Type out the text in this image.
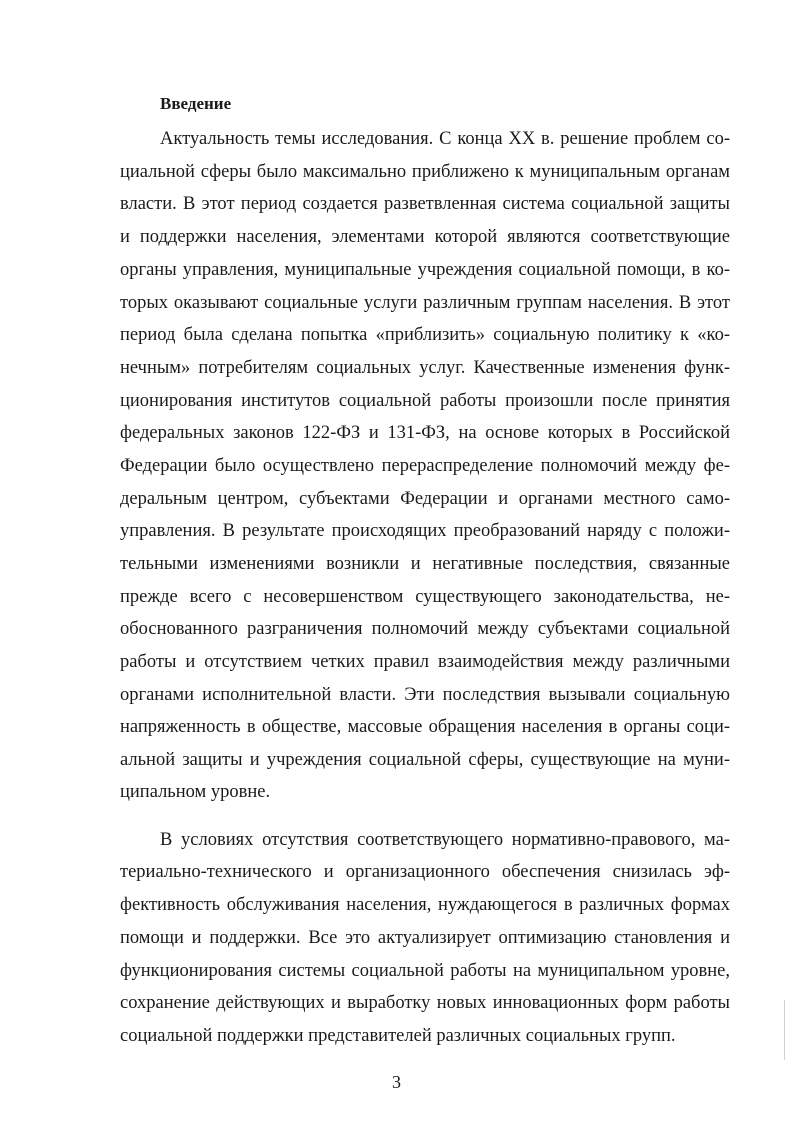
Введение
Актуальность темы исследования. С конца XX в. решение проблем со-
циальной сферы было максимально приближено к муниципальным органам
власти. В этот период создается разветвленная система социальной защиты
и поддержки населения, элементами которой являются соответствующие
органы управления, муниципальные учреждения социальной помощи, в ко-
торых оказывают социальные услуги различным группам населения. В этот
период была сделана попытка «приблизить» социальную политику к «ко-
нечным» потребителям социальных услуг. Качественные изменения функ-
ционирования институтов социальной работы произошли после принятия
федеральных законов 122-ФЗ и 131-ФЗ, на основе которых в Российской
Федерации было осуществлено перераспределение полномочий между фе-
деральным центром, субъектами Федерации и органами местного само-
управления. В результате происходящих преобразований наряду с положи-
тельными изменениями возникли и негативные последствия, связанные
прежде всего с несовершенством существующего законодательства, не-
обоснованного разграничения полномочий между субъектами социальной
работы и отсутствием четких правил взаимодействия между различными
органами исполнительной власти. Эти последствия вызывали социальную
напряженность в обществе, массовые обращения населения в органы соци-
альной защиты и учреждения социальной сферы, существующие на муни-
ципальном уровне.
В условиях отсутствия соответствующего нормативно-правового, ма-
териально-технического и организационного обеспечения снизилась эф-
фективность обслуживания населения, нуждающегося в различных формах
помощи и поддержки. Все это актуализирует оптимизацию становления и
функционирования системы социальной работы на муниципальном уровне,
сохранение действующих и выработку новых инновационных форм работы
социальной поддержки представителей различных социальных групп.
3
